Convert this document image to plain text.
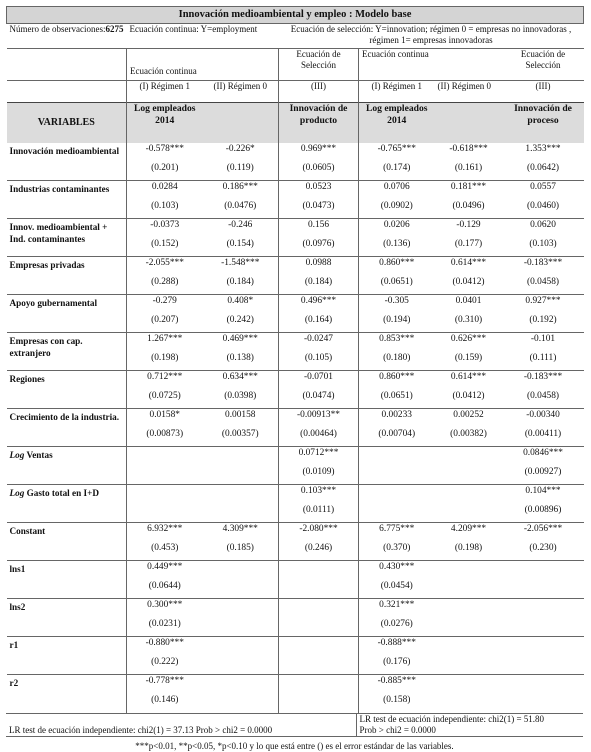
Innovación medioambiental y empleo : Modelo base						
Número de observaciones:6275	Ecuación continua: Y=employment		Ecuación de selección: Y=innovation; régimen 0 = empresas no innovadoras , régimen 1= empresas innovadoras			
	Ecuación continua		Ecuación de Selección	Ecuación continua		Ecuación de Selección
	(I) Régimen 1	(II) Régimen 0	(III)	(I) Régimen 1	(II) Régimen 0	(III)
VARIABLES	Log empleados 2014		Innovación de producto	Log empleados 2014		Innovación de proceso
Innovación medioambiental	-0.578***	-0.226*	0.969***	-0.765***	-0.618***	1.353***
	(0.201)	(0.119)	(0.0605)	(0.174)	(0.161)	(0.0642)
Industrias contaminantes	0.0284	0.186***	0.0523	0.0706	0.181***	0.0557
	(0.103)	(0.0476)	(0.0473)	(0.0902)	(0.0496)	(0.0460)
Innov. medioambiental + Ind. contaminantes	-0.0373	-0.246	0.156	0.0206	-0.129	0.0620
	(0.152)	(0.154)	(0.0976)	(0.136)	(0.177)	(0.103)
Empresas privadas	-2.055***	-1.548***	0.0988	0.860***	0.614***	-0.183***
	(0.288)	(0.184)	(0.184)	(0.0651)	(0.0412)	(0.0458)
Apoyo gubernamental	-0.279	0.408*	0.496***	-0.305	0.0401	0.927***
	(0.207)	(0.242)	(0.164)	(0.194)	(0.310)	(0.192)
Empresas con cap. extranjero	1.267***	0.469***	-0.0247	0.853***	0.626***	-0.101
	(0.198)	(0.138)	(0.105)	(0.180)	(0.159)	(0.111)
Regiones	0.712***	0.634***	-0.0701	0.860***	0.614***	-0.183***
	(0.0725)	(0.0398)	(0.0474)	(0.0651)	(0.0412)	(0.0458)
Crecimiento de la industria.	0.0158*	0.00158	-0.00913**	0.00233	0.00252	-0.00340
	(0.00873)	(0.00357)	(0.00464)	(0.00704)	(0.00382)	(0.00411)
Log Ventas			0.0712***			0.0846***
			(0.0109)			(0.00927)
Log Gasto total en I+D			0.103***			0.104***
			(0.0111)			(0.00896)
Constant	6.932***	4.309***	-2.080***	6.775***	4.209***	-2.056***
	(0.453)	(0.185)	(0.246)	(0.370)	(0.198)	(0.230)
lns1	0.449***			0.430***		
	(0.0644)			(0.0454)		
lns2	0.300***			0.321***		
	(0.0231)			(0.0276)		
r1	-0.880***			-0.888***		
	(0.222)			(0.176)		
r2	-0.778***			-0.885***		
	(0.146)			(0.158)		
	LR test de ecuación independiente: chi2(1) = 51.80
LR test de ecuación independiente: chi2(1) = 37.13 Prob > chi2 = 0.0000	Prob > chi2 = 0.0000
***p<0.01, **p<0.05, *p<0.10 y lo que está entre () es el error estándar de las variables.	
